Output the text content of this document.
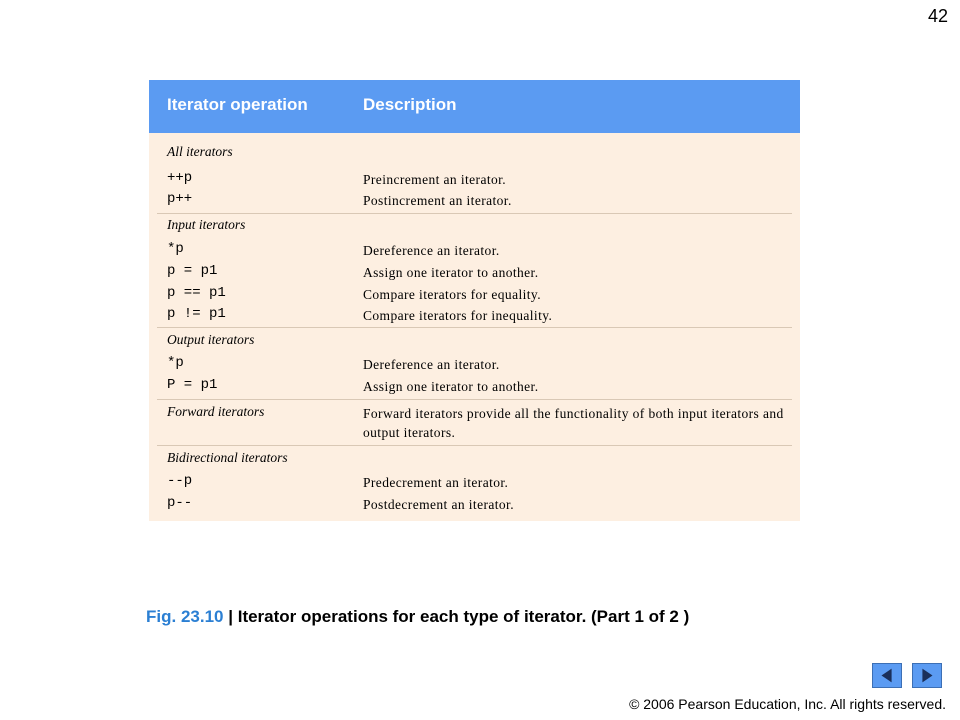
42
Iterator operation	Description
All iterators
++p	Preincrement an iterator.
p++	Postincrement an iterator.
Input iterators
*p	Dereference an iterator.
p = p1	Assign one iterator to another.
p == p1	Compare iterators for equality.
p != p1	Compare iterators for inequality.
Output iterators
*p	Dereference an iterator.
P = p1	Assign one iterator to another.
Forward iterators	Forward iterators provide all the functionality of both input iterators and output iterators.
Bidirectional iterators
--p	Predecrement an iterator.
p--	Postdecrement an iterator.
Fig. 23.10 | Iterator operations for each type of iterator. (Part 1 of 2 )
© 2006 Pearson Education, Inc. All rights reserved.
